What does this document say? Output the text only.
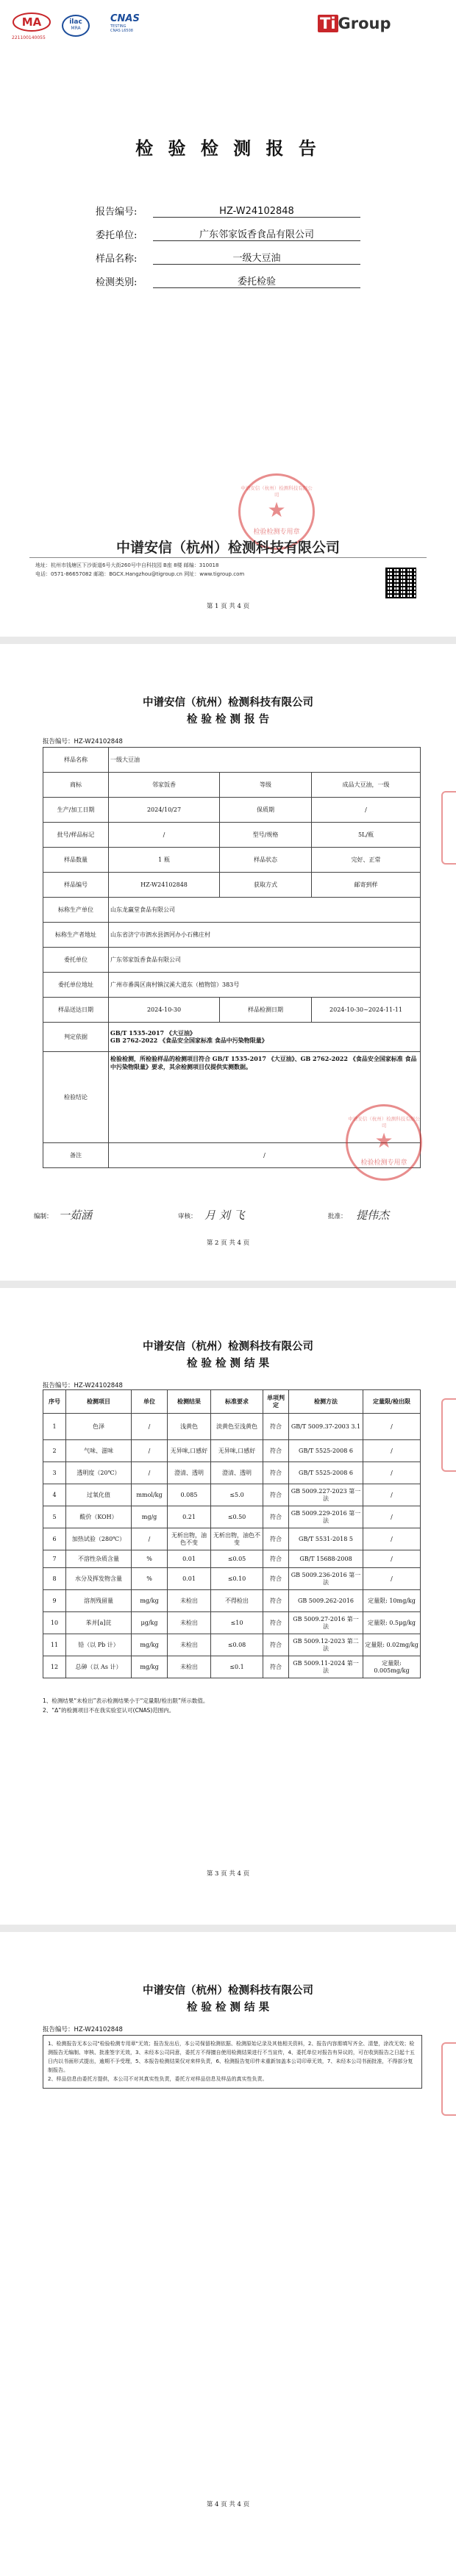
MA
221100140055
ilac
MRA
CNAS
TESTING
CNAS L6508	Ti Group
检 验 检 测 报 告
报告编号:	HZ-W24102848
委托单位:	广东邻家饭香食品有限公司
样品名称:	一级大豆油
检测类别:	委托检验
中谱安信（杭州）检测科技有限公司
★
检验检测专用章
中谱安信（杭州）检测科技有限公司
地址：杭州市钱塘区下沙街道6号大街260号中自科技园 B座 8楼 邮编：310018
电话：0571-86657082 邮箱：BGCX.Hangzhou@tigroup.cn 网址：www.tigroup.com
第 1 页 共 4 页
中谱安信（杭州）检测科技有限公司
检 验 检 测 报 告
报告编号：HZ-W24102848
样品名称	一级大豆油		
商标	邻家饭香	等级	成品大豆油，一级
生产/加工日期	2024/10/27	保质期	/
批号/样品标记	/	型号/规格	5L/瓶
样品数量	1 瓶	样品状态	完好、正常
样品编号	HZ-W24102848	获取方式	邮寄到样
标称生产单位	山东龙赢堂食品有限公司		
标称生产者地址	山东省济宁市泗水县泗河办小石佛庄村		
委托单位	广东邻家饭香食品有限公司		
委托单位地址	广州市番禺区南村镇汉溪大道东（植物馆）383号		
样品送达日期	2024-10-30	样品检测日期	2024-10-30~2024-11-11
判定依据	GB/T 1535-2017 《大豆油》
GB 2762-2022 《食品安全国家标准 食品中污染物限量》		

检验结论	检验检测，所检验样品的检测项目符合 GB/T 1535-2017 《大豆油》、GB 2762-2022 《食品安全国家标准 食品中污染物限量》要求，其余检测项目仅提供实测数据。		
备注	/		
中谱安信（杭州）检测科技有限公司
★
检验检测专用章
编制： 一茹涵	审核： 月 刘 飞	批准： 提伟杰
第 2 页 共 4 页
中谱安信（杭州）检测科技有限公司
检 验 检 测 结 果
报告编号：HZ-W24102848
序号	检测项目	单位	检测结果	标准要求	单项判定	检测方法	定量限/检出限
1	色泽	/	浅黄色	淡黄色至浅黄色	符合	GB/T 5009.37-2003 3.1	/
2	气味、滋味	/	无异味,口感好	无异味,口感好	符合	GB/T 5525-2008 6	/
3	透明度（20℃）	/	澄清、透明	澄清、透明	符合	GB/T 5525-2008 6	/
4	过氧化值	mmol/kg	0.085	≤5.0	符合	GB 5009.227-2023 第一法	/
5	酸价（KOH）	mg/g	0.21	≤0.50	符合	GB 5009.229-2016 第一法	/
6	加热试验（280℃）	/	无析出物，油色不变	无析出物，油色不变	符合	GB/T 5531-2018 5	/
7	不溶性杂质含量	%	0.01	≤0.05	符合	GB/T 15688-2008	/
8	水分及挥发物含量	%	0.01	≤0.10	符合	GB 5009.236-2016 第一法	/
9	溶剂残留量	mg/kg	未检出	不得检出	符合	GB 5009.262-2016	定量限: 10mg/kg
10	苯并[a]芘	μg/kg	未检出	≤10	符合	GB 5009.27-2016 第一法	定量限: 0.5μg/kg
11	铅（以 Pb 计）	mg/kg	未检出	≤0.08	符合	GB 5009.12-2023 第二法	定量限: 0.02mg/kg
12	总砷（以 As 计）	mg/kg	未检出	≤0.1	符合	GB 5009.11-2024 第一法	定量限: 0.005mg/kg
1、检测结果“未检出”表示检测结果小于“定量限/检出限”所示数值。
2、“Δ”的检测项目不在我实验室认可(CNAS)范围内。
第 3 页 共 4 页
中谱安信（杭州）检测科技有限公司
检 验 检 测 结 果
报告编号：HZ-W24102848
1、检测报告无本公司"检验检测专用章"无效；报告发出后，本公司保留检测依据、检测原始记录及其他相关资料，2、报告内容需填写齐全、清楚，涂改无效；检测报告无编制、审核、批准签字无效，3、未经本公司同意，委托方不得擅自使用检测结果进行不当宣传，4、委托单位对报告有异议的，可在收到报告之日起十五日内以书面形式提出，逾期不予受理，5、本报告检测结果仅对来样负责，6、检测报告复印件未重新加盖本公司印章无效，7、未经本公司书面批准，不得部分复制报告。
2、样品信息由委托方提供，本公司不对其真实性负责，委托方对样品信息及样品的真实性负责。
第 4 页 共 4 页
